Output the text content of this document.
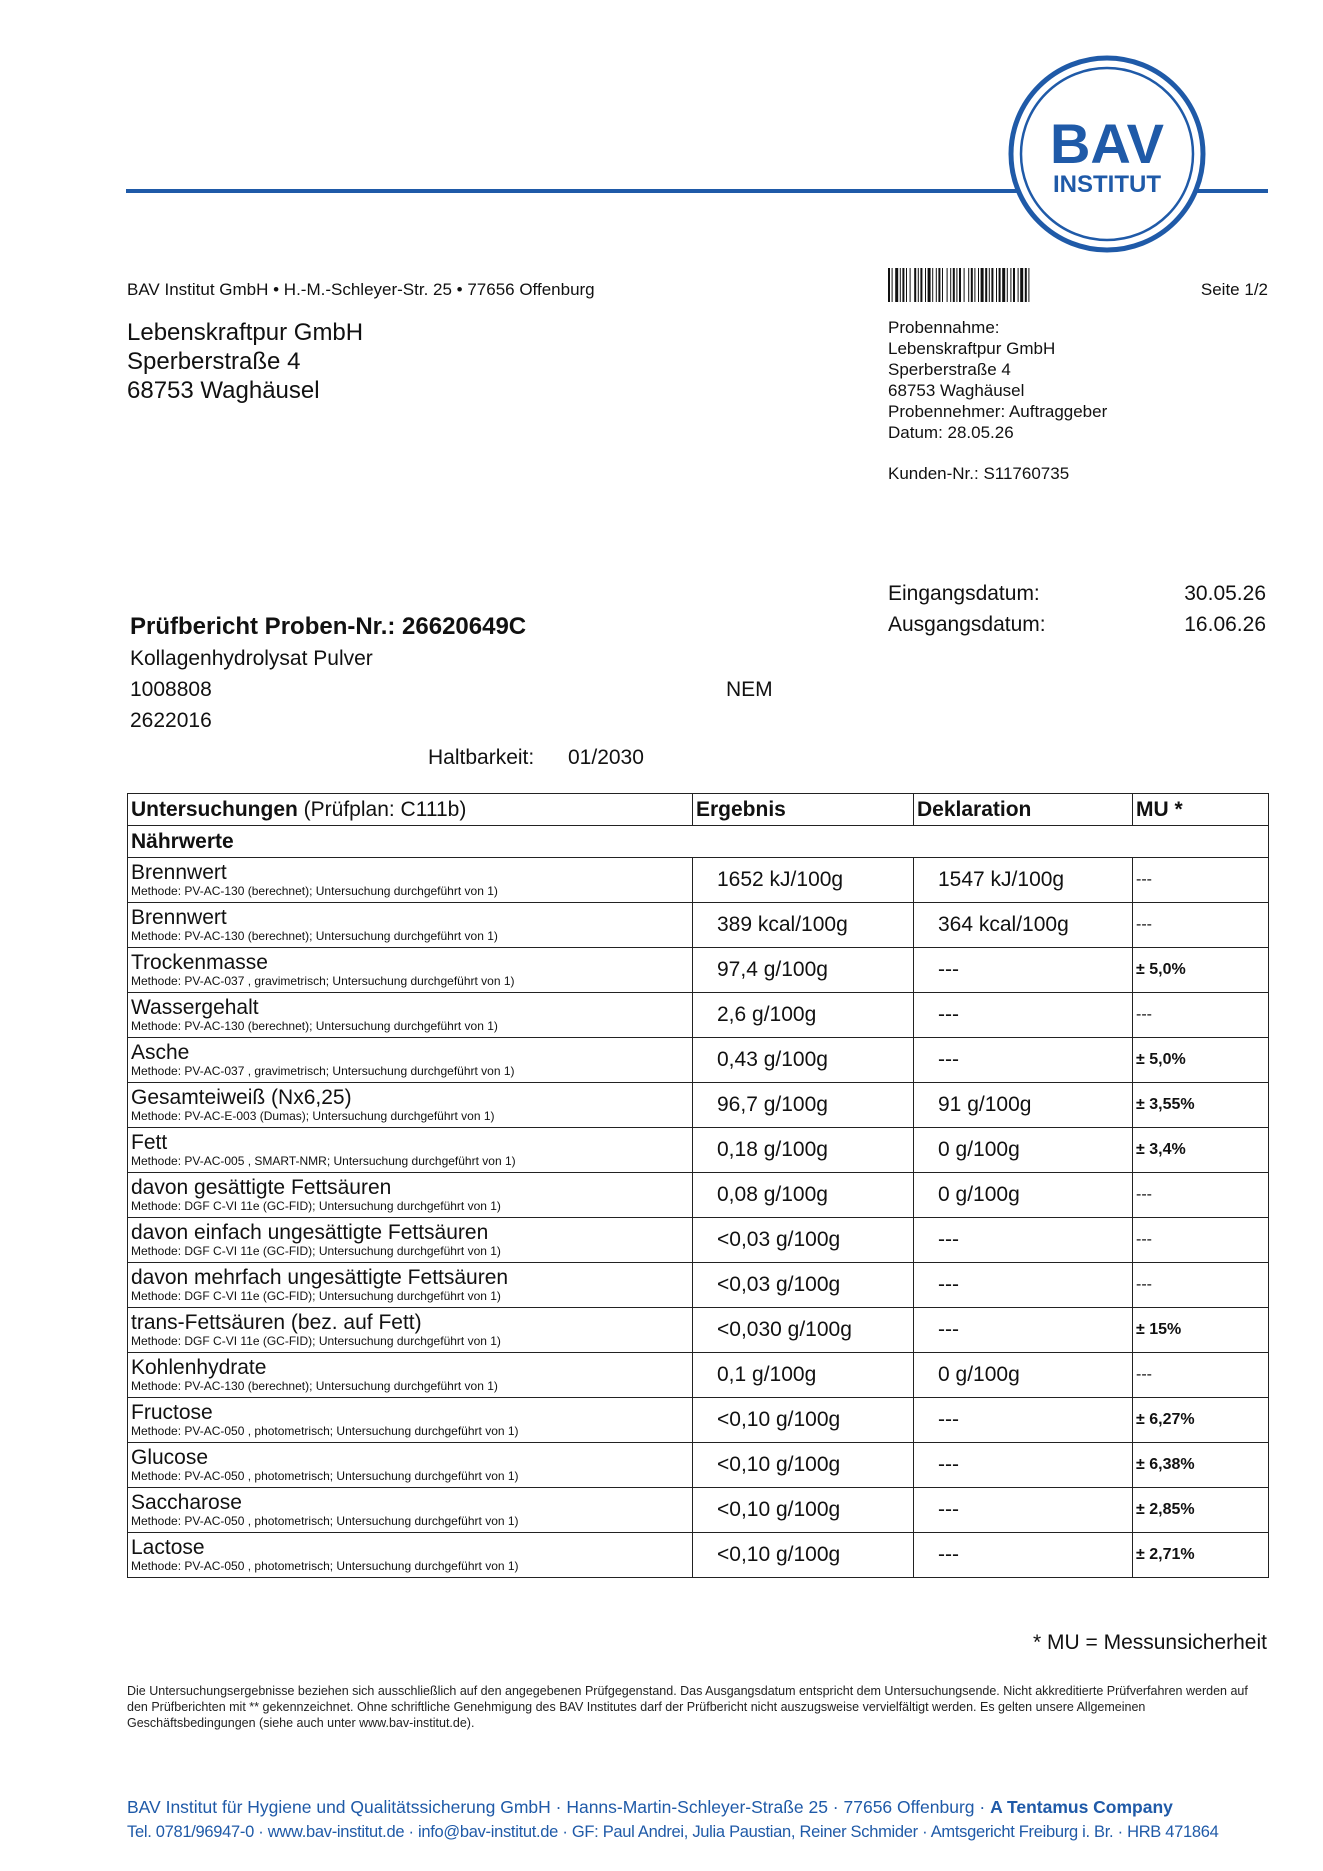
BAV
INSTITUT
BAV Institut GmbH • H.-M.-Schleyer-Str. 25 • 77656 Offenburg	Seite 1/2
Lebenskraftpur GmbH
Sperberstraße 4
68753 Waghäusel
Probennahme:
Lebenskraftpur GmbH
Sperberstraße 4
68753 Waghäusel
Probennehmer: Auftraggeber
Datum: 28.05.26
Kunden-Nr.: S11760735
Eingangsdatum:	30.05.26
Ausgangsdatum:	16.06.26
Prüfbericht Proben-Nr.: 26620649C
Kollagenhydrolysat Pulver
1008808	NEM
2622016
Haltbarkeit: 01/2030
Untersuchungen (Prüfplan: C111b)	Ergebnis	Deklaration	MU *
Nährwerte			

Brennwert
Methode: PV-AC-130 (berechnet); Untersuchung durchgeführt von 1)	1652 kJ/100g	1547 kJ/100g	---

Brennwert
Methode: PV-AC-130 (berechnet); Untersuchung durchgeführt von 1)	389 kcal/100g	364 kcal/100g	---

Trockenmasse
Methode: PV-AC-037 , gravimetrisch; Untersuchung durchgeführt von 1)	97,4 g/100g	---	± 5,0%

Wassergehalt
Methode: PV-AC-130 (berechnet); Untersuchung durchgeführt von 1)	2,6 g/100g	---	---

Asche
Methode: PV-AC-037 , gravimetrisch; Untersuchung durchgeführt von 1)	0,43 g/100g	---	± 5,0%

Gesamteiweiß (Nx6,25)
Methode: PV-AC-E-003 (Dumas); Untersuchung durchgeführt von 1)	96,7 g/100g	91 g/100g	± 3,55%

Fett
Methode: PV-AC-005 , SMART-NMR; Untersuchung durchgeführt von 1)	0,18 g/100g	0 g/100g	± 3,4%

davon gesättigte Fettsäuren
Methode: DGF C-VI 11e (GC-FID); Untersuchung durchgeführt von 1)	0,08 g/100g	0 g/100g	---

davon einfach ungesättigte Fettsäuren
Methode: DGF C-VI 11e (GC-FID); Untersuchung durchgeführt von 1)	<0,03 g/100g	---	---

davon mehrfach ungesättigte Fettsäuren
Methode: DGF C-VI 11e (GC-FID); Untersuchung durchgeführt von 1)	<0,03 g/100g	---	---

trans-Fettsäuren (bez. auf Fett)
Methode: DGF C-VI 11e (GC-FID); Untersuchung durchgeführt von 1)	<0,030 g/100g	---	± 15%

Kohlenhydrate
Methode: PV-AC-130 (berechnet); Untersuchung durchgeführt von 1)	0,1 g/100g	0 g/100g	---

Fructose
Methode: PV-AC-050 , photometrisch; Untersuchung durchgeführt von 1)	<0,10 g/100g	---	± 6,27%

Glucose
Methode: PV-AC-050 , photometrisch; Untersuchung durchgeführt von 1)	<0,10 g/100g	---	± 6,38%

Saccharose
Methode: PV-AC-050 , photometrisch; Untersuchung durchgeführt von 1)	<0,10 g/100g	---	± 2,85%

Lactose
Methode: PV-AC-050 , photometrisch; Untersuchung durchgeführt von 1)	<0,10 g/100g	---	± 2,71%
* MU = Messunsicherheit
Die Untersuchungsergebnisse beziehen sich ausschließlich auf den angegebenen Prüfgegenstand. Das Ausgangsdatum entspricht dem Untersuchungsende. Nicht akkreditierte Prüfverfahren werden auf den Prüfberichten mit ** gekennzeichnet. Ohne schriftliche Genehmigung des BAV Institutes darf der Prüfbericht nicht auszugsweise vervielfältigt werden. Es gelten unsere Allgemeinen Geschäftsbedingungen (siehe auch unter www.bav-institut.de).
BAV Institut für Hygiene und Qualitätssicherung GmbH · Hanns-Martin-Schleyer-Straße 25 · 77656 Offenburg · A Tentamus Company
Tel. 0781/96947-0 · www.bav-institut.de · info@bav-institut.de · GF: Paul Andrei, Julia Paustian, Reiner Schmider · Amtsgericht Freiburg i. Br. · HRB 471864
